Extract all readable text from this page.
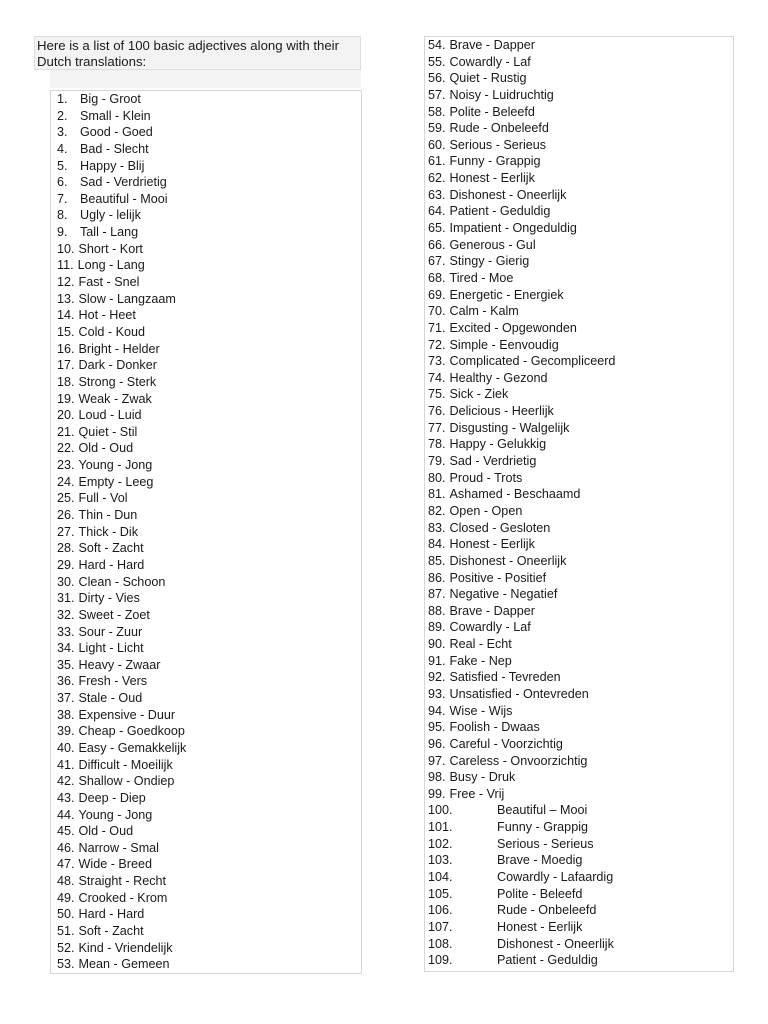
Here is a list of 100 basic adjectives along with their Dutch translations:
1. Big - Groot
2. Small - Klein
3. Good - Goed
4. Bad - Slecht
5. Happy - Blij
6. Sad - Verdrietig
7. Beautiful - Mooi
8. Ugly - lelijk
9. Tall - Lang
10. Short - Kort
11. Long - Lang
12. Fast - Snel
13. Slow - Langzaam
14. Hot - Heet
15. Cold - Koud
16. Bright - Helder
17. Dark - Donker
18. Strong - Sterk
19. Weak - Zwak
20. Loud - Luid
21. Quiet - Stil
22. Old - Oud
23. Young - Jong
24. Empty - Leeg
25. Full - Vol
26. Thin - Dun
27. Thick - Dik
28. Soft - Zacht
29. Hard - Hard
30. Clean - Schoon
31. Dirty - Vies
32. Sweet - Zoet
33. Sour - Zuur
34. Light - Licht
35. Heavy - Zwaar
36. Fresh - Vers
37. Stale - Oud
38. Expensive - Duur
39. Cheap - Goedkoop
40. Easy - Gemakkelijk
41. Difficult - Moeilijk
42. Shallow - Ondiep
43. Deep - Diep
44. Young - Jong
45. Old - Oud
46. Narrow - Smal
47. Wide - Breed
48. Straight - Recht
49. Crooked - Krom
50. Hard - Hard
51. Soft - Zacht
52. Kind - Vriendelijk
53. Mean - Gemeen
54. Brave - Dapper
55. Cowardly - Laf
56. Quiet - Rustig
57. Noisy - Luidruchtig
58. Polite - Beleefd
59. Rude - Onbeleefd
60. Serious - Serieus
61. Funny - Grappig
62. Honest - Eerlijk
63. Dishonest - Oneerlijk
64. Patient - Geduldig
65. Impatient - Ongeduldig
66. Generous - Gul
67. Stingy - Gierig
68. Tired - Moe
69. Energetic - Energiek
70. Calm - Kalm
71. Excited - Opgewonden
72. Simple - Eenvoudig
73. Complicated - Gecompliceerd
74. Healthy - Gezond
75. Sick - Ziek
76. Delicious - Heerlijk
77. Disgusting - Walgelijk
78. Happy - Gelukkig
79. Sad - Verdrietig
80. Proud - Trots
81. Ashamed - Beschaamd
82. Open - Open
83. Closed - Gesloten
84. Honest - Eerlijk
85. Dishonest - Oneerlijk
86. Positive - Positief
87. Negative - Negatief
88. Brave - Dapper
89. Cowardly - Laf
90. Real - Echt
91. Fake - Nep
92. Satisfied - Tevreden
93. Unsatisfied - Ontevreden
94. Wise - Wijs
95. Foolish - Dwaas
96. Careful - Voorzichtig
97. Careless - Onvoorzichtig
98. Busy - Druk
99. Free - Vrij
100.	Beautiful – Mooi
101.	Funny - Grappig
102.	Serious - Serieus
103.	Brave - Moedig
104.	Cowardly - Lafaardig
105.	Polite - Beleefd
106.	Rude - Onbeleefd
107.	Honest - Eerlijk
108.	Dishonest - Oneerlijk
109.	Patient - Geduldig
